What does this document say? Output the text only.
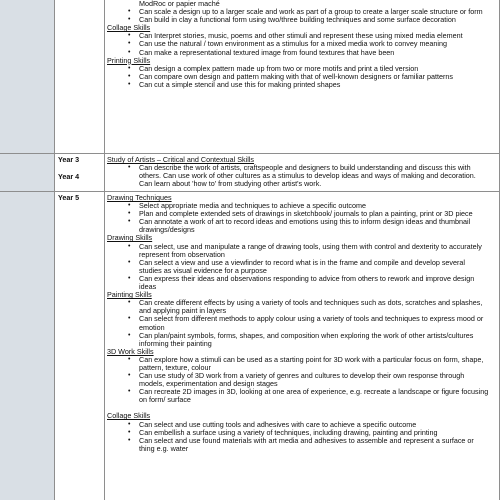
ModRoc or papier maché
• Can scale a design up to a larger scale and work as part of a group to create a larger scale structure or form
• Can build in clay a functional form using two/three building techniques and some surface decoration
Collage Skills
• Can Interpret stories, music, poems and other stimuli and represent these using mixed media element
• Can use the natural / town environment as a stimulus for a mixed media work to convey meaning
• Can make a representational textured image from found textures that have been
Printing Skills
• Can design a complex pattern made up from two or more motifs and print a tiled version
• Can compare own design and pattern making with that of well-known designers or familiar patterns
• Can cut a simple stencil and use this for making printed shapes
Year 3
Year 4
Study of Artists – Critical and Contextual Skills
• Can describe the work of artists, craftspeople and designers to build understanding and discuss this with others. Can use work of other cultures as a stimulus to develop ideas and ways of making and decoration. Can learn about 'how to' from studying other artist's work.
Year 5	Drawing Techniques
• Select appropriate media and techniques to achieve a specific outcome
• Plan and complete extended sets of drawings in sketchbook/ journals to plan a painting, print or 3D piece
• Can annotate a work of art to record ideas and emotions using this to inform design ideas and thumbnail drawings/designs
Drawing Skills
• Can select, use and manipulate a range of drawing tools, using them with control and dexterity to accurately represent from observation
• Can select a view and use a viewfinder to record what is in the frame and compile and develop several studies as visual evidence for a purpose
• Can express their ideas and observations responding to advice from others to rework and improve design ideas
Painting Skills
• Can create different effects by using a variety of tools and techniques such as dots, scratches and splashes, and applying paint in layers
• Can select from different methods to apply colour using a variety of tools and techniques to express mood or emotion
• Can plan/paint symbols, forms, shapes, and composition when exploring the work of other artists/cultures informing their painting
3D Work Skills
• Can explore how a stimuli can be used as a starting point for 3D work with a particular focus on form, shape, pattern, texture, colour
• Can use study of 3D work from a variety of genres and cultures to develop their own response through models, experimentation and design stages
• Can recreate 2D images in 3D, looking at one area of experience, e.g. recreate a landscape or figure focusing on form/ surface
Collage Skills
• Can select and use cutting tools and adhesives with care to achieve a specific outcome
• Can embellish a surface using a variety of techniques, including drawing, painting and printing
• Can select and use found materials with art media and adhesives to assemble and represent a surface or thing e.g. water
